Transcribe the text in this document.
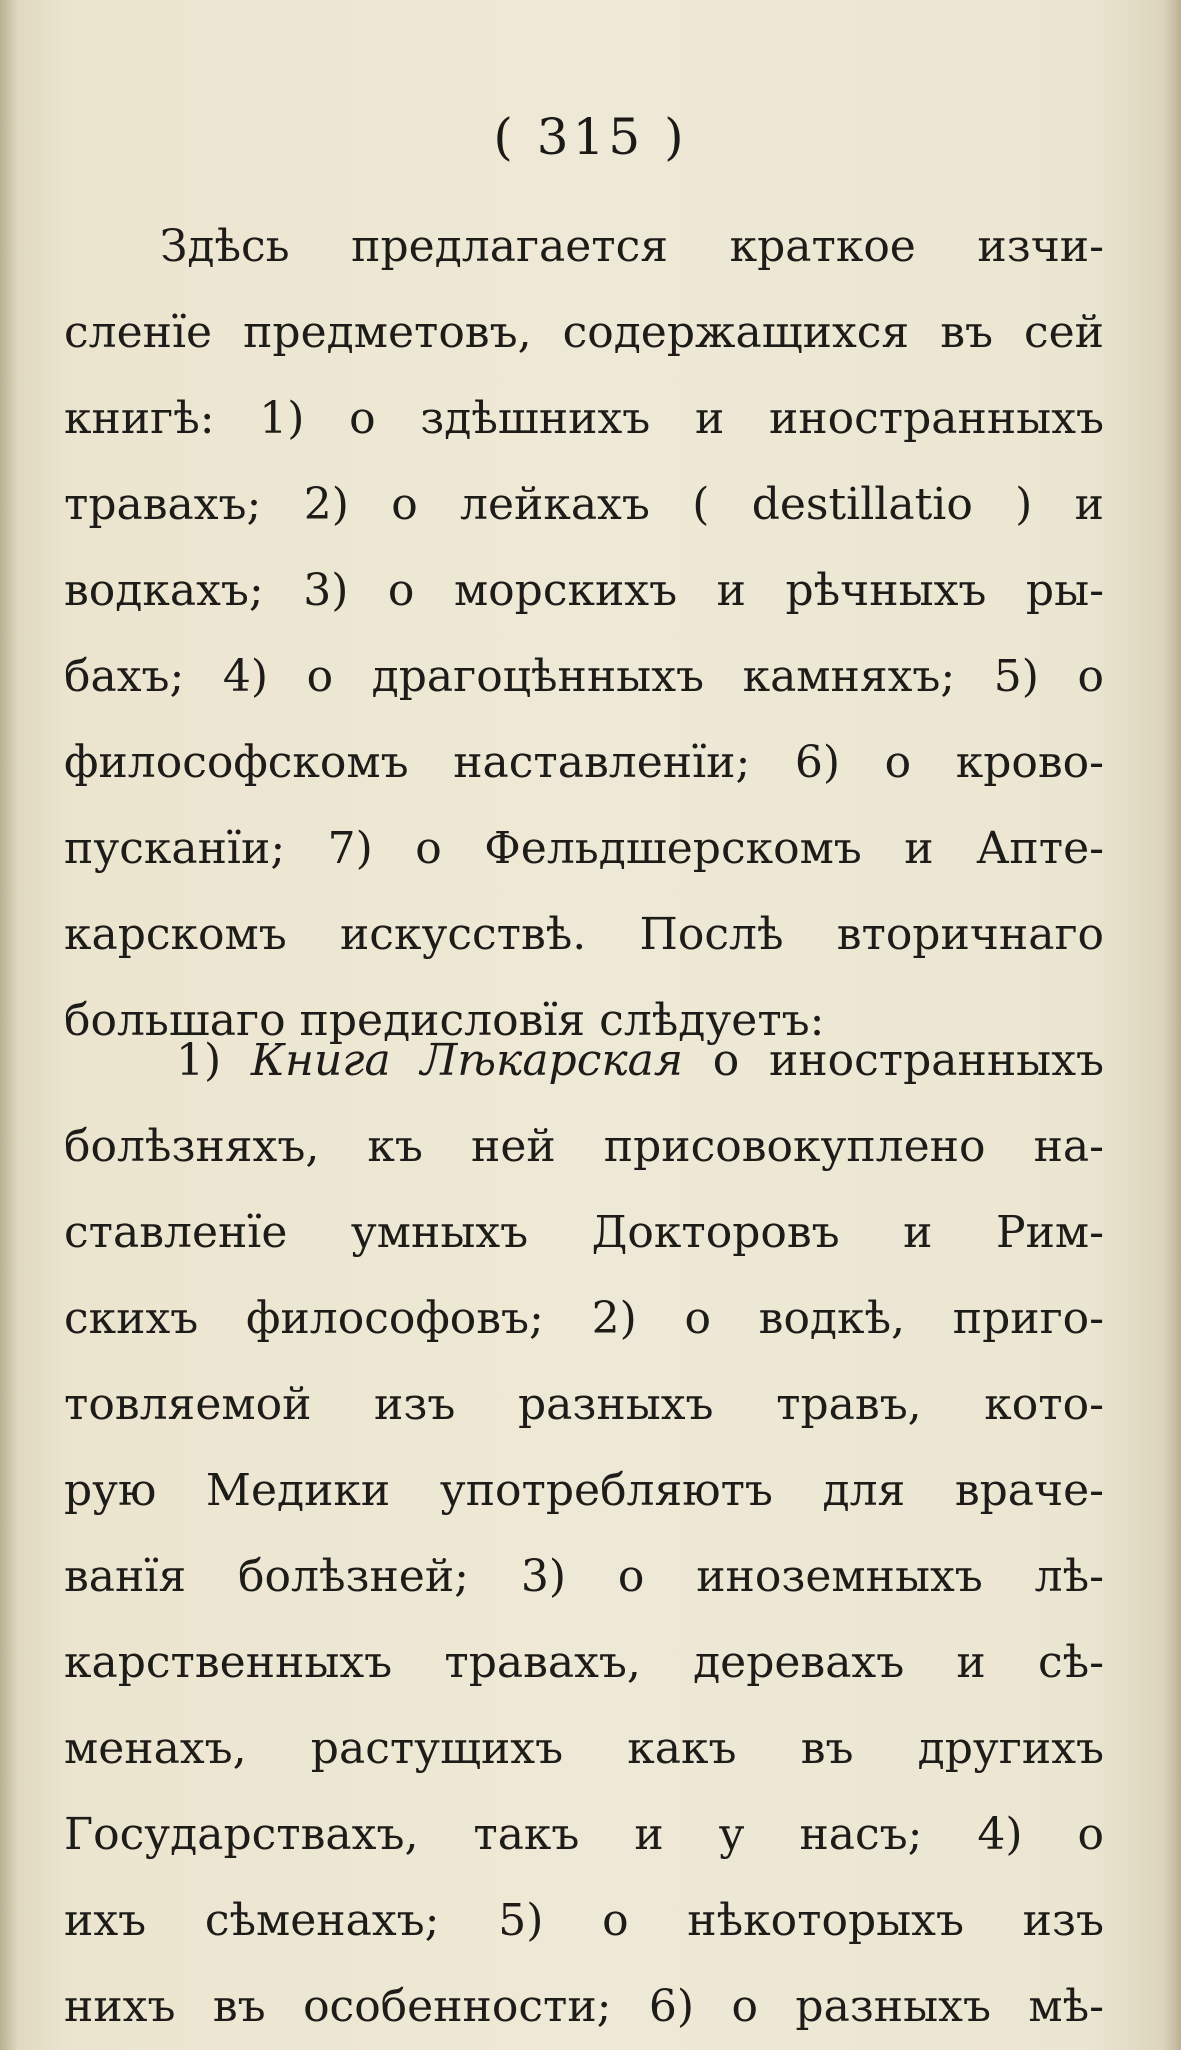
( 315 )
Здѣсь предлагается краткое изчи-
сленїе предметовъ, содержащихся въ сей
книгѣ: 1) о здѣшнихъ и иностранныхъ
травахъ; 2) о лейкахъ ( destillatio ) и
водкахъ; 3) о морскихъ и рѣчныхъ ры-
бахъ; 4) о драгоцѣнныхъ камняхъ; 5) о
философскомъ наставленїи; 6) о крово-
пусканїи; 7) о Фельдшерскомъ и Апте-
карскомъ искусствѣ. Послѣ вторичнаго
большаго предисловїя слѣдуетъ:
1) Книга Лѣкарская о иностранныхъ
болѣзняхъ, къ ней присовокуплено на-
ставленїе умныхъ Докторовъ и Рим-
скихъ философовъ; 2) о водкѣ, приго-
товляемой изъ разныхъ травъ, кото-
рую Медики употребляютъ для враче-
ванїя болѣзней; 3) о иноземныхъ лѣ-
карственныхъ травахъ, деревахъ и сѣ-
менахъ, растущихъ какъ въ другихъ
Государствахъ, такъ и у насъ; 4) о
ихъ сѣменахъ; 5) о нѣкоторыхъ изъ
нихъ въ особенности; 6) о разныхъ мѣ-
